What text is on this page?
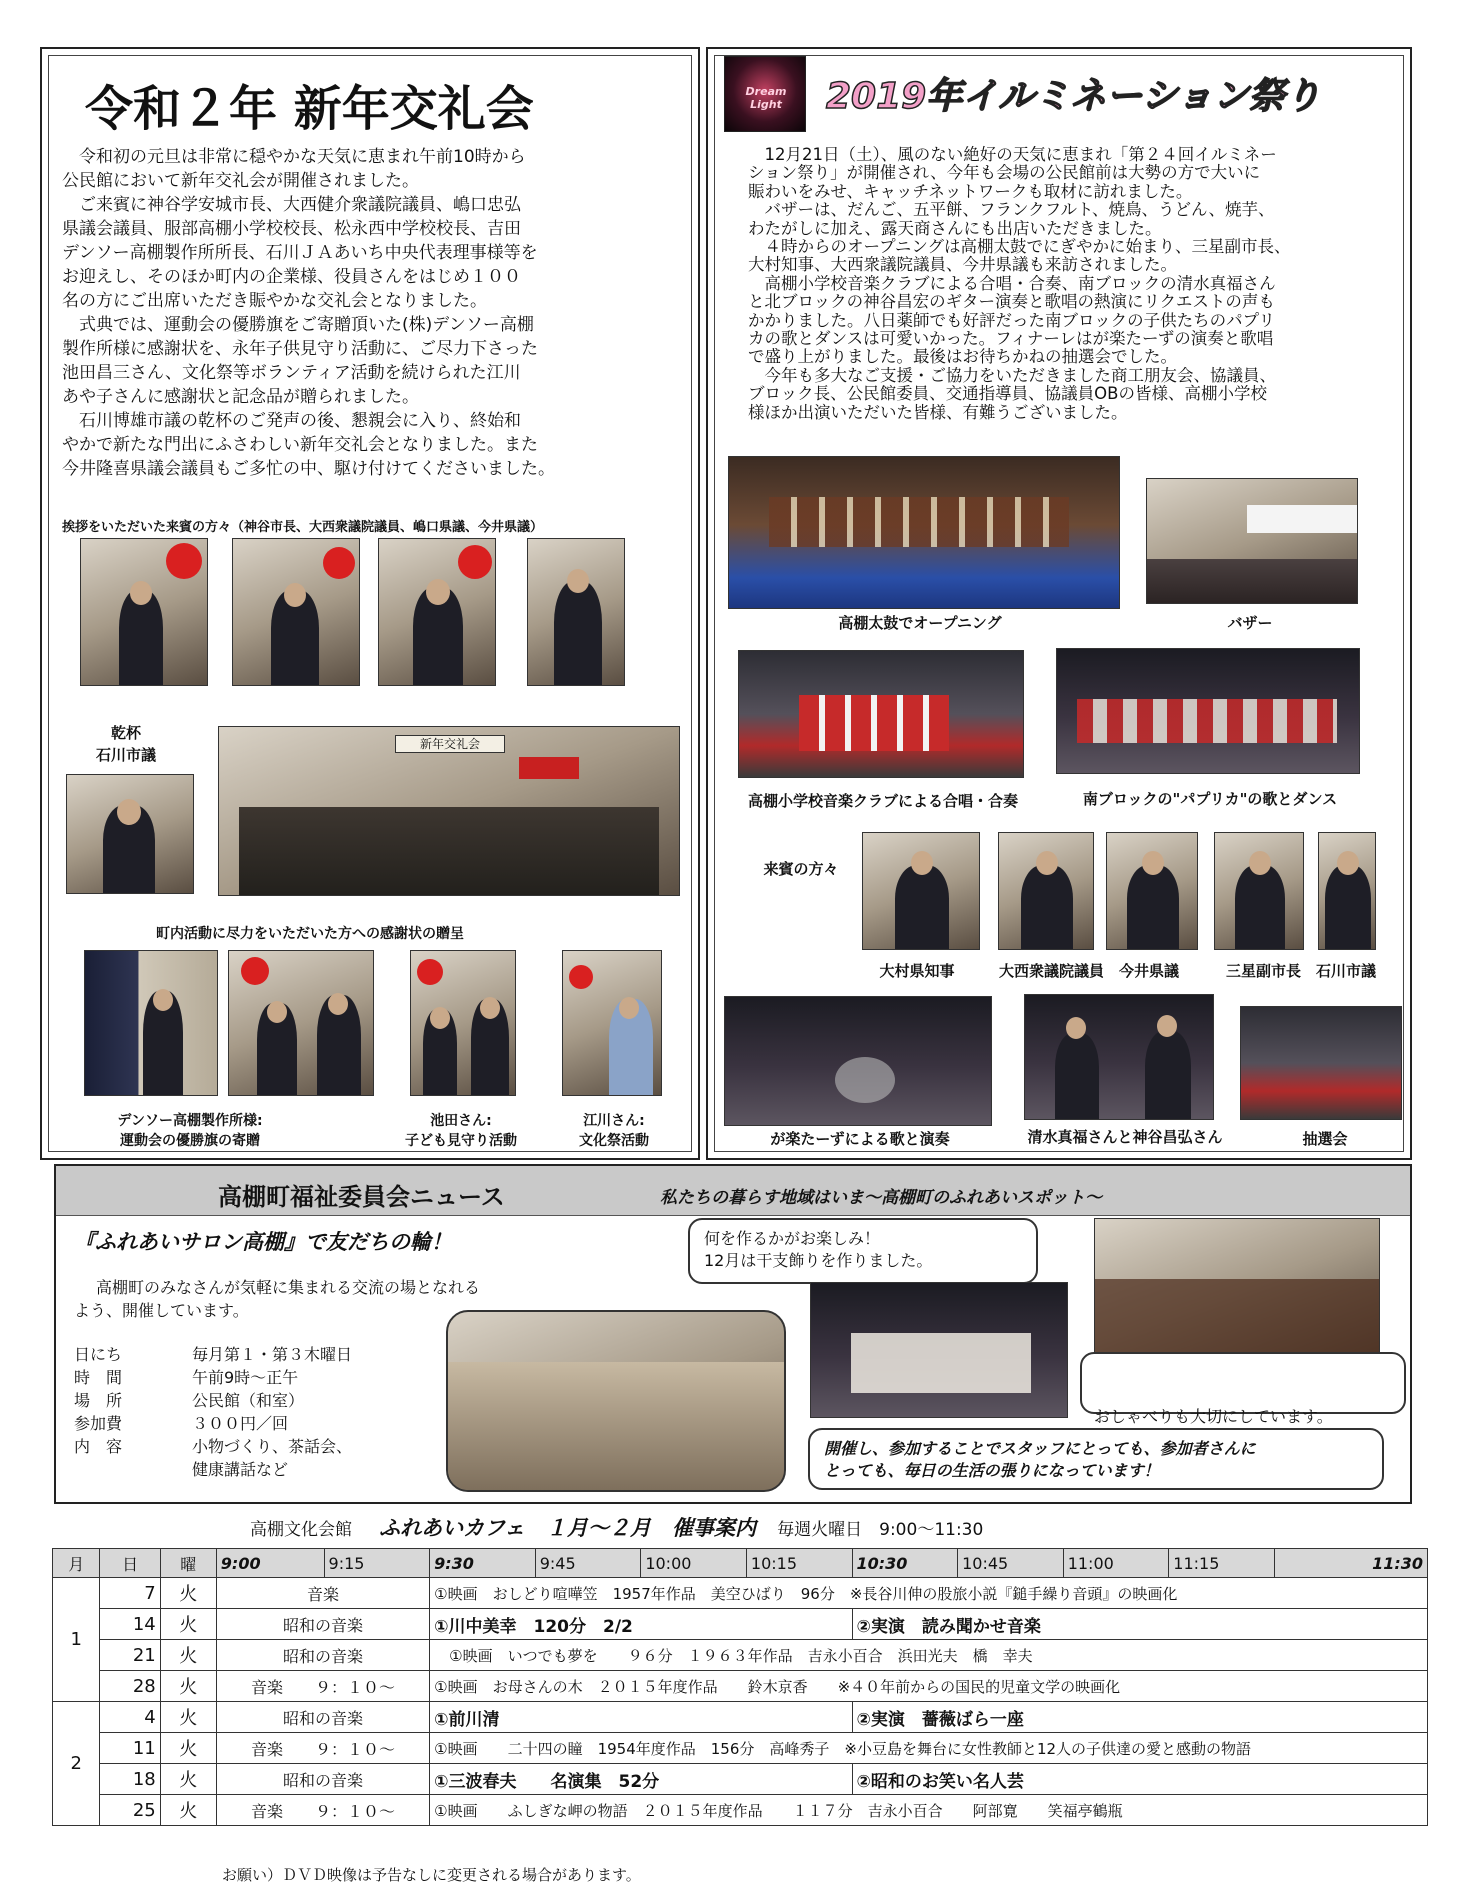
令和２年 新年交礼会

　令和初の元旦は非常に穏やかな天気に恵まれ午前10時から

公民館において新年交礼会が開催されました。

　ご来賓に神谷学安城市長、大西健介衆議院議員、嶋口忠弘

県議会議員、服部高棚小学校校長、松永西中学校校長、吉田

デンソー高棚製作所所長、石川ＪＡあいち中央代表理事様等を

お迎えし、そのほか町内の企業様、役員さんをはじめ１００

名の方にご出席いただき賑やかな交礼会となりました。

　式典では、運動会の優勝旗をご寄贈頂いた(株)デンソー高棚

製作所様に感謝状を、永年子供見守り活動に、ご尽力下さった

池田昌三さん、文化祭等ボランティア活動を続けられた江川

あや子さんに感謝状と記念品が贈られました。

　石川博雄市議の乾杯のご発声の後、懇親会に入り、終始和

やかで新たな門出にふさわしい新年交礼会となりました。また

今井隆喜県議会議員もご多忙の中、駆け付けてくださいました。

挨拶をいただいた来賓の方々（神谷市長、大西衆議院議員、嶋口県議、今井県議）
乾杯
石川市議
新年交礼会
町内活動に尽力をいただいた方への感謝状の贈呈
デンソー高棚製作所様:
運動会の優勝旗の寄贈
池田さん:
子ども見守り活動
江川さん:
文化祭活動
Dream Light	2019年イルミネーション祭り

　12月21日（土）、風のない絶好の天気に恵まれ「第２４回イルミネー

ション祭り」が開催され、今年も会場の公民館前は大勢の方で大いに

賑わいをみせ、キャッチネットワークも取材に訪れました。

　バザーは、だんご、五平餅、フランクフルト、焼鳥、うどん、焼芋、

わたがしに加え、露天商さんにも出店いただきました。

　４時からのオープニングは高棚太鼓でにぎやかに始まり、三星副市長、

大村知事、大西衆議院議員、今井県議も来訪されました。

　高棚小学校音楽クラブによる合唱・合奏、南ブロックの清水真福さん

と北ブロックの神谷昌宏のギター演奏と歌唱の熱演にリクエストの声も

かかりました。八日薬師でも好評だった南ブロックの子供たちのパプリ

カの歌とダンスは可愛いかった。フィナーレはが楽たーずの演奏と歌唱

で盛り上がりました。最後はお待ちかねの抽選会でした。

　今年も多大なご支援・ご協力をいただきました商工朋友会、協議員、

ブロック長、公民館委員、交通指導員、協議員OBの皆様、高棚小学校

様ほか出演いただいた皆様、有難うございました。

高棚太鼓でオープニング	バザー
高棚小学校音楽クラブによる合唱・合奏	南ブロックの"パプリカ"の歌とダンス
来賓の方々
大村県知事	大西衆議院議員　今井県議	三星副市長　石川市議
が楽たーずによる歌と演奏	清水真福さんと神谷昌弘さん	抽選会
高棚町福祉委員会ニュース	私たちの暮らす地域はいま～高棚町のふれあいスポット～
『ふれあいサロン高棚』で友だちの輪！
　高棚町のみなさんが気軽に集まれる交流の場となれる
よう、開催しています。
日にち	毎月第１・第３木曜日
時　間	午前9時～正午
場　所	公民館（和室）
参加費	３００円／回
内　容	小物づくり、茶話会、
健康講話など
何を作るかがお楽しみ！
12月は干支飾りを作りました。

おしゃべりも大切にしています。

開催し、参加することでスタッフにとっても、参加者さんに
とっても、毎日の生活の張りになっています！
高棚文化会館 ふれあいカフェ　１月～２月　催事案内 毎週火曜日　9:00～11:30
月	日	曜	9:00	9:15	9:30	9:45	10:00	10:15	10:30	10:45	11:00	11:15	11:30
1	7	火	音楽		①映画　おしどり喧嘩笠　1957年作品　美空ひばり　96分　※長谷川伸の股旅小説『鎚手繰り音頭』の映画化								
	14	火	昭和の音楽		①川中美幸　120分　2/2				②実演　読み聞かせ音楽				
	21	火	昭和の音楽		　①映画　いつでも夢を　　９６分　１９６３年作品　吉永小百合　浜田光夫　橋　幸夫								
	28	火	音楽　　９：１０～		①映画　お母さんの木　２０１５年度作品　　鈴木京香　　※４０年前からの国民的児童文学の映画化								
2	4	火	昭和の音楽		①前川清				②実演　薔薇ばら一座				
	11	火	音楽　　９：１０～		①映画　　二十四の瞳　1954年度作品　156分　高峰秀子　※小豆島を舞台に女性教師と12人の子供達の愛と感動の物語								
	18	火	昭和の音楽		①三波春夫　　名演集　52分				②昭和のお笑い名人芸				
	25	火	音楽　　９：１０～		①映画　　ふしぎな岬の物語　２０１５年度作品　　１１７分　吉永小百合　　阿部寛　　笑福亭鶴瓶								
お願い）ＤＶＤ映像は予告なしに変更される場合があります。
